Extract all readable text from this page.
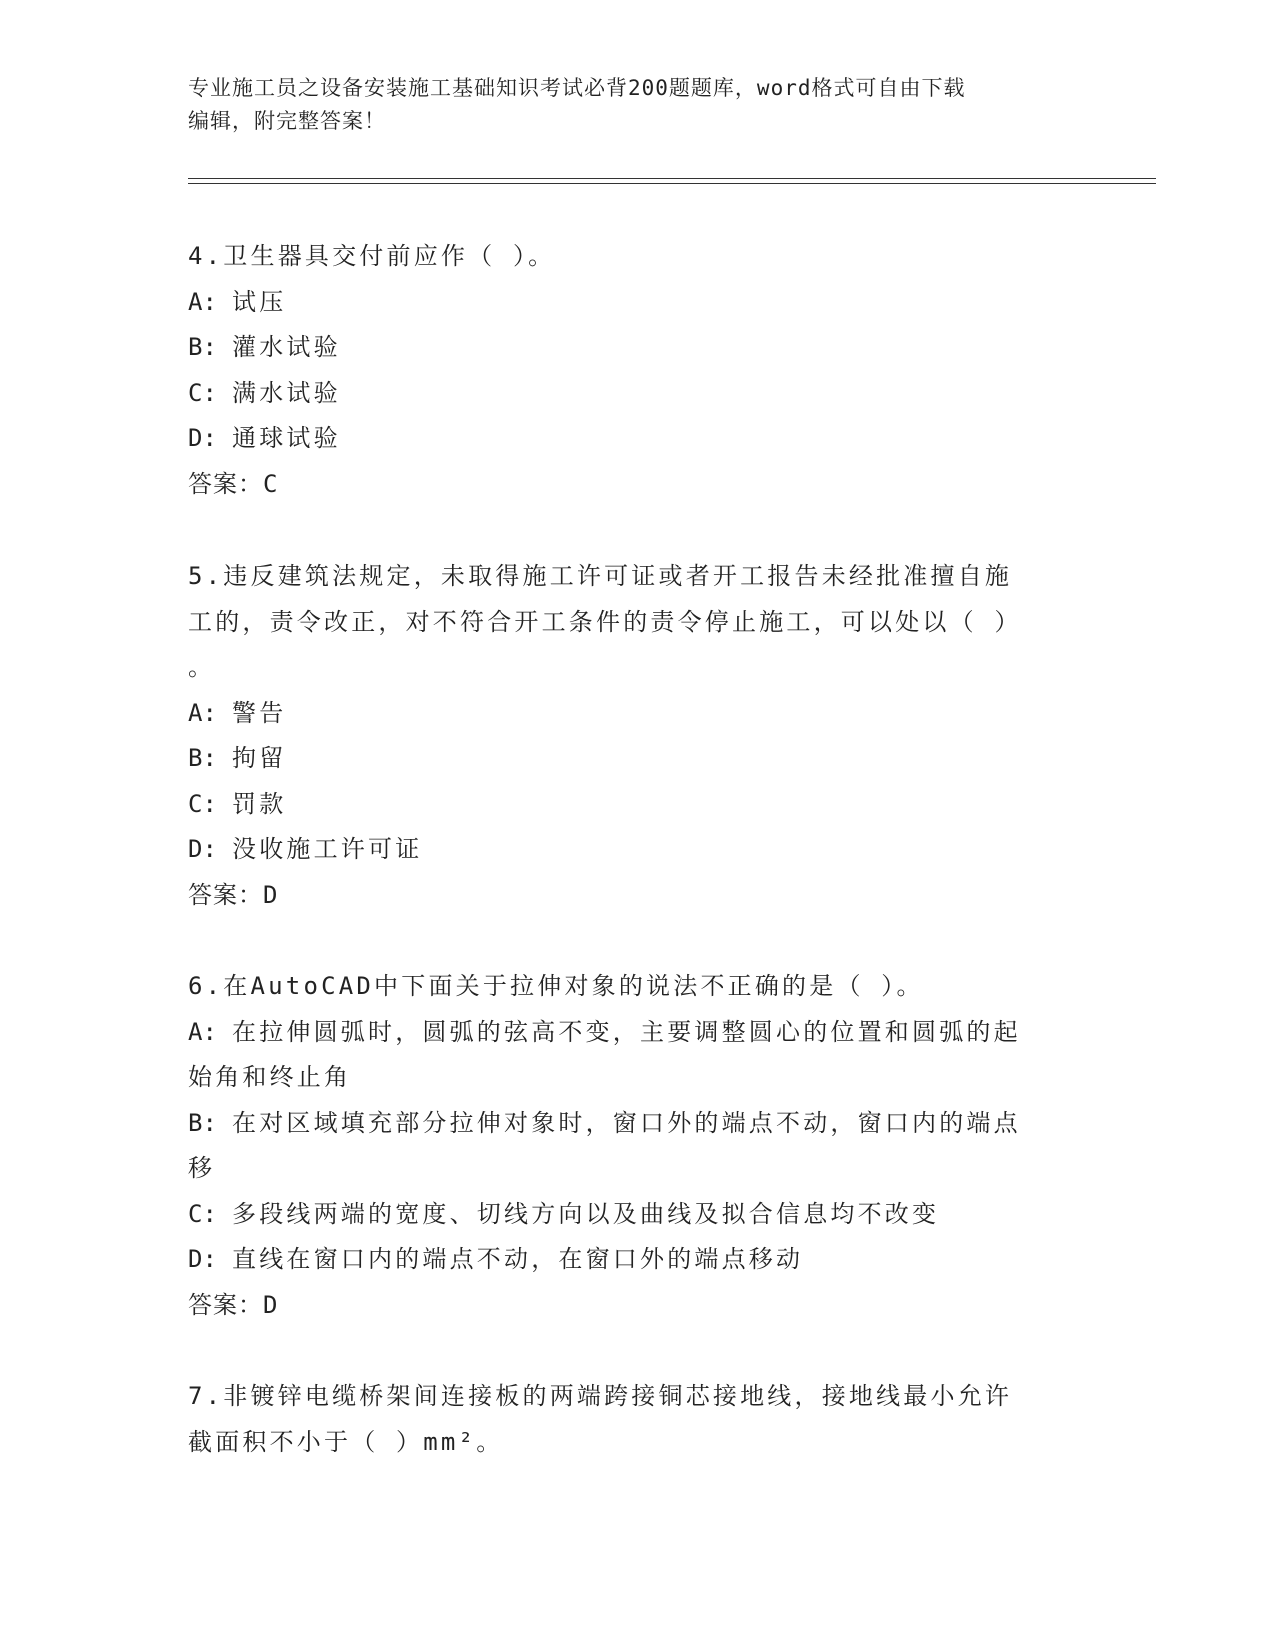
专业施工员之设备安装施工基础知识考试必背200题题库，word格式可自由下载
编辑，附完整答案！
4.卫生器具交付前应作（ ）。
A: 试压
B: 灌水试验
C: 满水试验
D: 通球试验
答案：C
5.违反建筑法规定，未取得施工许可证或者开工报告未经批准擅自施
工的，责令改正，对不符合开工条件的责令停止施工，可以处以（ ）
。
A: 警告
B: 拘留
C: 罚款
D: 没收施工许可证
答案：D
6.在AutoCAD中下面关于拉伸对象的说法不正确的是（ ）。
A: 在拉伸圆弧时，圆弧的弦高不变，主要调整圆心的位置和圆弧的起
始角和终止角
B: 在对区域填充部分拉伸对象时，窗口外的端点不动，窗口内的端点
移
C: 多段线两端的宽度、切线方向以及曲线及拟合信息均不改变
D: 直线在窗口内的端点不动，在窗口外的端点移动
答案：D
7.非镀锌电缆桥架间连接板的两端跨接铜芯接地线，接地线最小允许
截面积不小于（ ）mm²。
